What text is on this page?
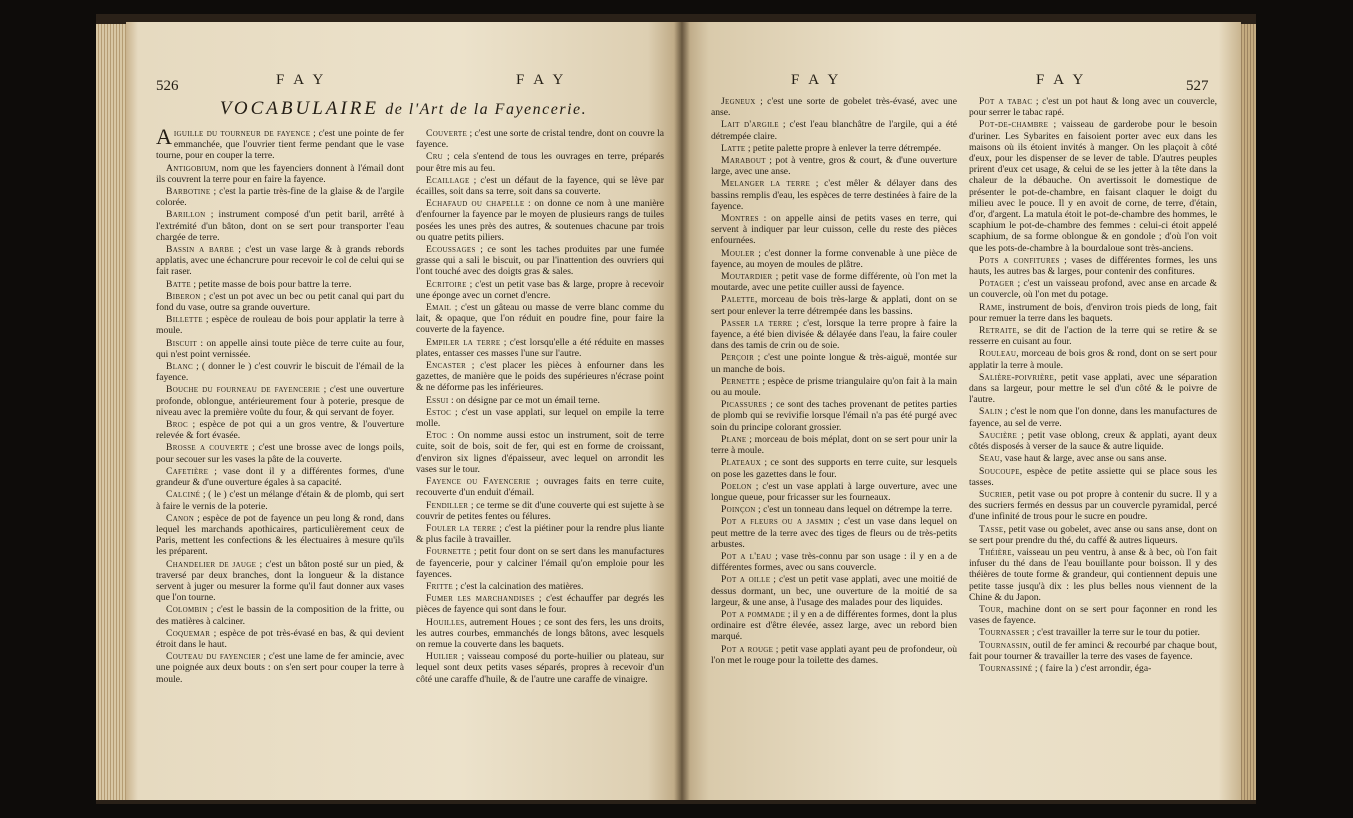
526	F A Y	F A Y
VOCABULAIRE de l'Art de la Fayencerie.

Aiguille du tourneur de fayence ; c'est une pointe de fer emmanchée, que l'ouvrier tient ferme pendant que le vase tourne, pour en couper la terre.

Antigobium, nom que les fayenciers donnent à l'émail dont ils couvrent la terre pour en faire la fayence.

Barbotine ; c'est la partie très-fine de la glaise & de l'argile colorée.

Barillon ; instrument composé d'un petit baril, arrêté à l'extrémité d'un bâton, dont on se sert pour transporter l'eau chargée de terre.

Bassin a barbe ; c'est un vase large & à grands rebords applatis, avec une échancrure pour recevoir le col de celui qui se fait raser.

Batte ; petite masse de bois pour battre la terre.

Biberon ; c'est un pot avec un bec ou petit canal qui part du fond du vase, outre sa grande ouverture.

Billette ; espèce de rouleau de bois pour applatir la terre à moule.

Biscuit : on appelle ainsi toute pièce de terre cuite au four, qui n'est point vernissée.

Blanc ; ( donner le ) c'est couvrir le biscuit de l'émail de la fayence.

Bouche du fourneau de fayencerie ; c'est une ouverture profonde, oblongue, antérieurement four à poterie, presque de niveau avec la première voûte du four, & qui servant de foyer.

Broc ; espèce de pot qui a un gros ventre, & l'ouverture relevée & fort évasée.

Brosse a couverte ; c'est une brosse avec de longs poils, pour secouer sur les vases la pâte de la couverte.

Cafetière ; vase dont il y a différentes formes, d'une grandeur & d'une ouverture égales à sa capacité.

Calciné ; ( le ) c'est un mélange d'étain & de plomb, qui sert à faire le vernis de la poterie.

Canon ; espèce de pot de fayence un peu long & rond, dans lequel les marchands apothicaires, particulièrement ceux de Paris, mettent les confections & les électuaires à mesure qu'ils les préparent.

Chandelier de jauge ; c'est un bâton posté sur un pied, & traversé par deux branches, dont la longueur & la distance servent à juger ou mesurer la forme qu'il faut donner aux vases que l'on tourne.

Colombin ; c'est le bassin de la composition de la fritte, ou des matières à calciner.

Coquemar ; espèce de pot très-évasé en bas, & qui devient étroit dans le haut.

Couteau du fayencier ; c'est une lame de fer amincie, avec une poignée aux deux bouts : on s'en sert pour couper la terre à moule.

Couverte ; c'est une sorte de cristal tendre, dont on couvre la fayence.

Cru ; cela s'entend de tous les ouvrages en terre, préparés pour être mis au feu.

Ecaillage ; c'est un défaut de la fayence, qui se lève par écailles, soit dans sa terre, soit dans sa couverte.

Echafaud ou chapelle : on donne ce nom à une manière d'enfourner la fayence par le moyen de plusieurs rangs de tuiles posées les unes près des autres, & soutenues chacune par trois ou quatre petits piliers.

Ecoussages ; ce sont les taches produites par une fumée grasse qui a sali le biscuit, ou par l'inattention des ouvriers qui l'ont touché avec des doigts gras & sales.

Ecritoire ; c'est un petit vase bas & large, propre à recevoir une éponge avec un cornet d'encre.

Email ; c'est un gâteau ou masse de verre blanc comme du lait, & opaque, que l'on réduit en poudre fine, pour faire la couverte de la fayence.

Empiler la terre ; c'est lorsqu'elle a été réduite en masses plates, entasser ces masses l'une sur l'autre.

Encaster ; c'est placer les pièces à enfourner dans les gazettes, de manière que le poids des supérieures n'écrase point & ne déforme pas les inférieures.

Essui : on désigne par ce mot un émail terne.

Estoc ; c'est un vase applati, sur lequel on empile la terre molle.

Etoc : On nomme aussi estoc un instrument, soit de terre cuite, soit de bois, soit de fer, qui est en forme de croissant, d'environ six lignes d'épaisseur, avec lequel on arrondit les vases sur le tour.

Fayence ou Fayencerie ; ouvrages faits en terre cuite, recouverte d'un enduit d'émail.

Fendiller ; ce terme se dit d'une couverte qui est sujette à se couvrir de petites fentes ou félures.

Fouler la terre ; c'est la piétiner pour la rendre plus liante & plus facile à travailler.

Fournette ; petit four dont on se sert dans les manufactures de fayencerie, pour y calciner l'émail qu'on emploie pour les fayences.

Fritte ; c'est la calcination des matières.

Fumer les marchandises ; c'est échauffer par degrés les pièces de fayence qui sont dans le four.

Houilles, autrement Houes ; ce sont des fers, les uns droits, les autres courbes, emmanchés de longs bâtons, avec lesquels on remue la couverte dans les baquets.

Huilier ; vaisseau composé du porte-huilier ou plateau, sur lequel sont deux petits vases séparés, propres à recevoir d'un côté une caraffe d'huile, & de l'autre une caraffe de vinaigre.

F A Y	F A Y	527

Jegneux ; c'est une sorte de gobelet très-évasé, avec une anse.

Lait d'argile ; c'est l'eau blanchâtre de l'argile, qui a été détrempée claire.

Latte ; petite palette propre à enlever la terre détrempée.

Marabout ; pot à ventre, gros & court, & d'une ouverture large, avec une anse.

Melanger la terre ; c'est mêler & délayer dans des bassins remplis d'eau, les espèces de terre destinées à faire de la fayence.

Montres : on appelle ainsi de petits vases en terre, qui servent à indiquer par leur cuisson, celle du reste des pièces enfournées.

Mouler ; c'est donner la forme convenable à une pièce de fayence, au moyen de moules de plâtre.

Moutardier ; petit vase de forme différente, où l'on met la moutarde, avec une petite cuiller aussi de fayence.

Palette, morceau de bois très-large & applati, dont on se sert pour enlever la terre détrempée dans les bassins.

Passer la terre ; c'est, lorsque la terre propre à faire la fayence, a été bien divisée & délayée dans l'eau, la faire couler dans des tamis de crin ou de soie.

Perçoir ; c'est une pointe longue & très-aiguë, montée sur un manche de bois.

Pernette ; espèce de prisme triangulaire qu'on fait à la main ou au moule.

Picassures ; ce sont des taches provenant de petites parties de plomb qui se revivifie lorsque l'émail n'a pas été purgé avec soin du principe colorant grossier.

Plane ; morceau de bois méplat, dont on se sert pour unir la terre à moule.

Plateaux ; ce sont des supports en terre cuite, sur lesquels on pose les gazettes dans le four.

Poelon ; c'est un vase applati à large ouverture, avec une longue queue, pour fricasser sur les fourneaux.

Poinçon ; c'est un tonneau dans lequel on détrempe la terre.

Pot a fleurs ou a jasmin ; c'est un vase dans lequel on peut mettre de la terre avec des tiges de fleurs ou de très-petits arbustes.

Pot a l'eau ; vase très-connu par son usage : il y en a de différentes formes, avec ou sans couvercle.

Pot a oille ; c'est un petit vase applati, avec une moitié de dessus dormant, un bec, une ouverture de la moitié de sa largeur, & une anse, à l'usage des malades pour des liquides.

Pot a pommade ; il y en a de différentes formes, dont la plus ordinaire est d'être élevée, assez large, avec un rebord bien marqué.

Pot a rouge ; petit vase applati ayant peu de profondeur, où l'on met le rouge pour la toilette des dames.

Pot a tabac ; c'est un pot haut & long avec un couvercle, pour serrer le tabac rapé.

Pot-de-chambre ; vaisseau de garderobe pour le besoin d'uriner. Les Sybarites en faisoient porter avec eux dans les maisons où ils étoient invités à manger. On les plaçoit à côté d'eux, pour les dispenser de se lever de table. D'autres peuples prirent d'eux cet usage, & celui de se les jetter à la tête dans la chaleur de la débauche. On avertissoit le domestique de présenter le pot-de-chambre, en faisant claquer le doigt du milieu avec le pouce. Il y en avoit de corne, de terre, d'étain, d'or, d'argent. La matula étoit le pot-de-chambre des hommes, le scaphium le pot-de-chambre des femmes : celui-ci étoit appelé scaphium, de sa forme oblongue & en gondole ; d'où l'on voit que les pots-de-chambre à la bourdaloue sont très-anciens.

Pots a confitures ; vases de différentes formes, les uns hauts, les autres bas & larges, pour contenir des confitures.

Potager ; c'est un vaisseau profond, avec anse en arcade & un couvercle, où l'on met du potage.

Rame, instrument de bois, d'environ trois pieds de long, fait pour remuer la terre dans les baquets.

Retraite, se dit de l'action de la terre qui se retire & se resserre en cuisant au four.

Rouleau, morceau de bois gros & rond, dont on se sert pour applatir la terre à moule.

Salière-poivrière, petit vase applati, avec une séparation dans sa largeur, pour mettre le sel d'un côté & le poivre de l'autre.

Salin ; c'est le nom que l'on donne, dans les manufactures de fayence, au sel de verre.

Saucière ; petit vase oblong, creux & applati, ayant deux côtés disposés à verser de la sauce & autre liquide.

Seau, vase haut & large, avec anse ou sans anse.

Soucoupe, espèce de petite assiette qui se place sous les tasses.

Sucrier, petit vase ou pot propre à contenir du sucre. Il y a des sucriers fermés en dessus par un couvercle pyramidal, percé d'une infinité de trous pour le sucre en poudre.

Tasse, petit vase ou gobelet, avec anse ou sans anse, dont on se sert pour prendre du thé, du caffé & autres liqueurs.

Théière, vaisseau un peu ventru, à anse & à bec, où l'on fait infuser du thé dans de l'eau bouillante pour boisson. Il y des théières de toute forme & grandeur, qui contiennent depuis une petite tasse jusqu'à dix : les plus belles nous viennent de la Chine & du Japon.

Tour, machine dont on se sert pour façonner en rond les vases de fayence.

Tournasser ; c'est travailler la terre sur le tour du potier.

Tournassin, outil de fer aminci & recourbé par chaque bout, fait pour tourner & travailler la terre des vases de fayence.

Tournassiné ; ( faire la ) c'est arrondir, éga-
